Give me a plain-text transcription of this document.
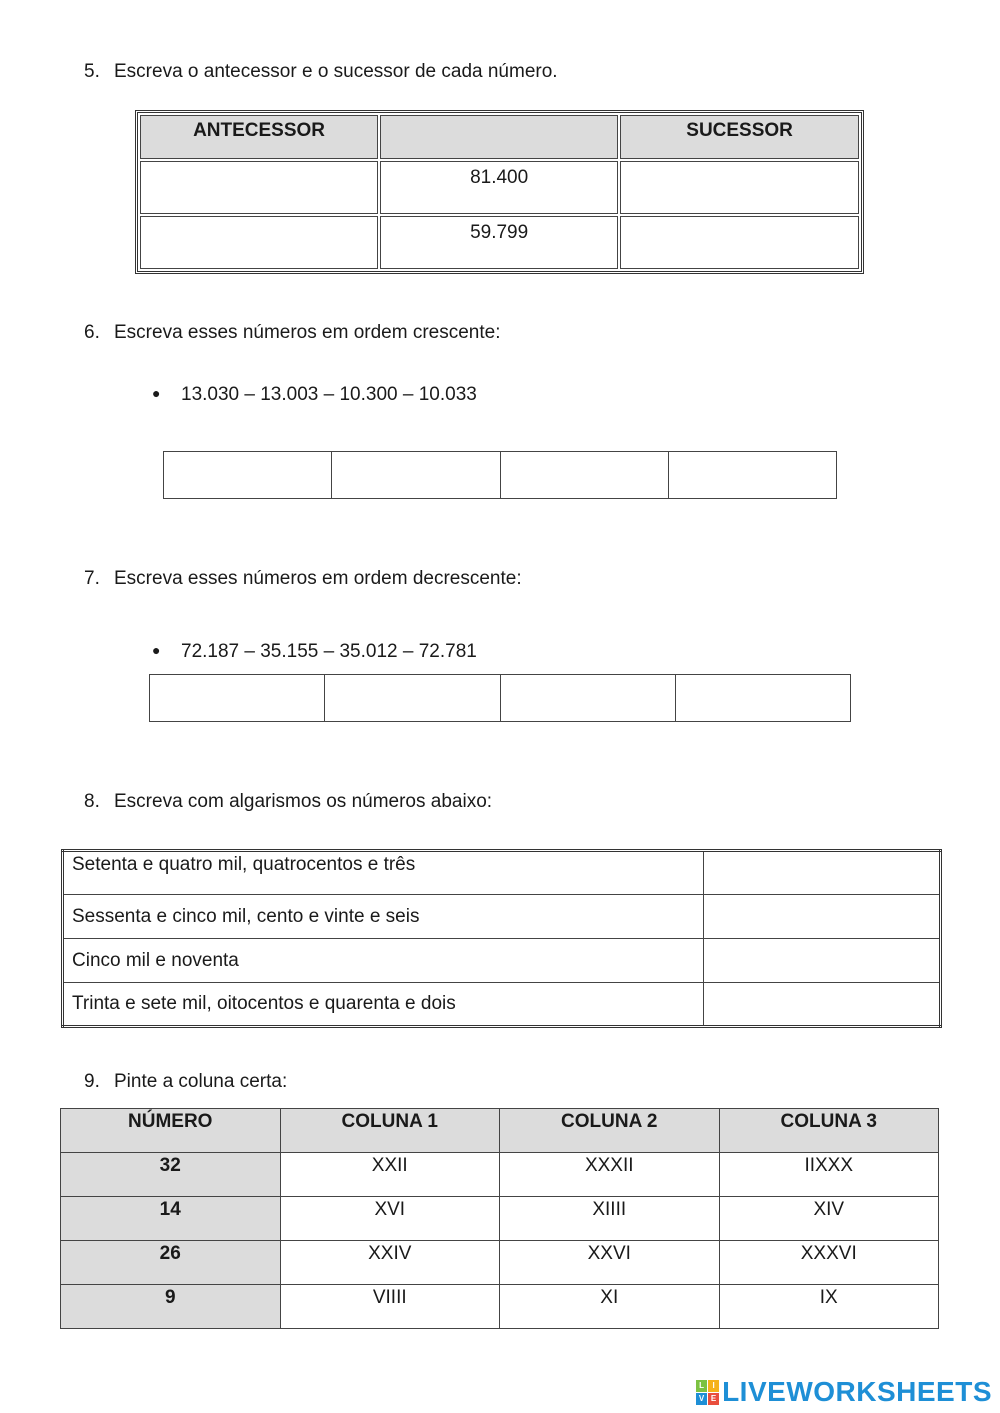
5. Escreva o antecessor e o sucessor de cada número.
ANTECESSOR		SUCESSOR
	81.400	
	59.799	
6. Escreva esses números em ordem crescente:
● 13.030 – 13.003 – 10.300 – 10.033

7. Escreva esses números em ordem decrescente:
● 72.187 – 35.155 – 35.012 – 72.781

8. Escreva com algarismos os números abaixo:
Setenta e quatro mil, quatrocentos e três	
Sessenta e cinco mil, cento e vinte e seis	
Cinco mil e noventa	
Trinta e sete mil, oitocentos e quarenta e dois	
9. Pinte a coluna certa:
NÚMERO	COLUNA 1	COLUNA 2	COLUNA 3
32	XXII	XXXII	IIXXX
14	XVI	XIIII	XIV
26	XXIV	XXVI	XXXVI
9	VIIII	XI	IX
L	I
V E LIVEWORKSHEETS
